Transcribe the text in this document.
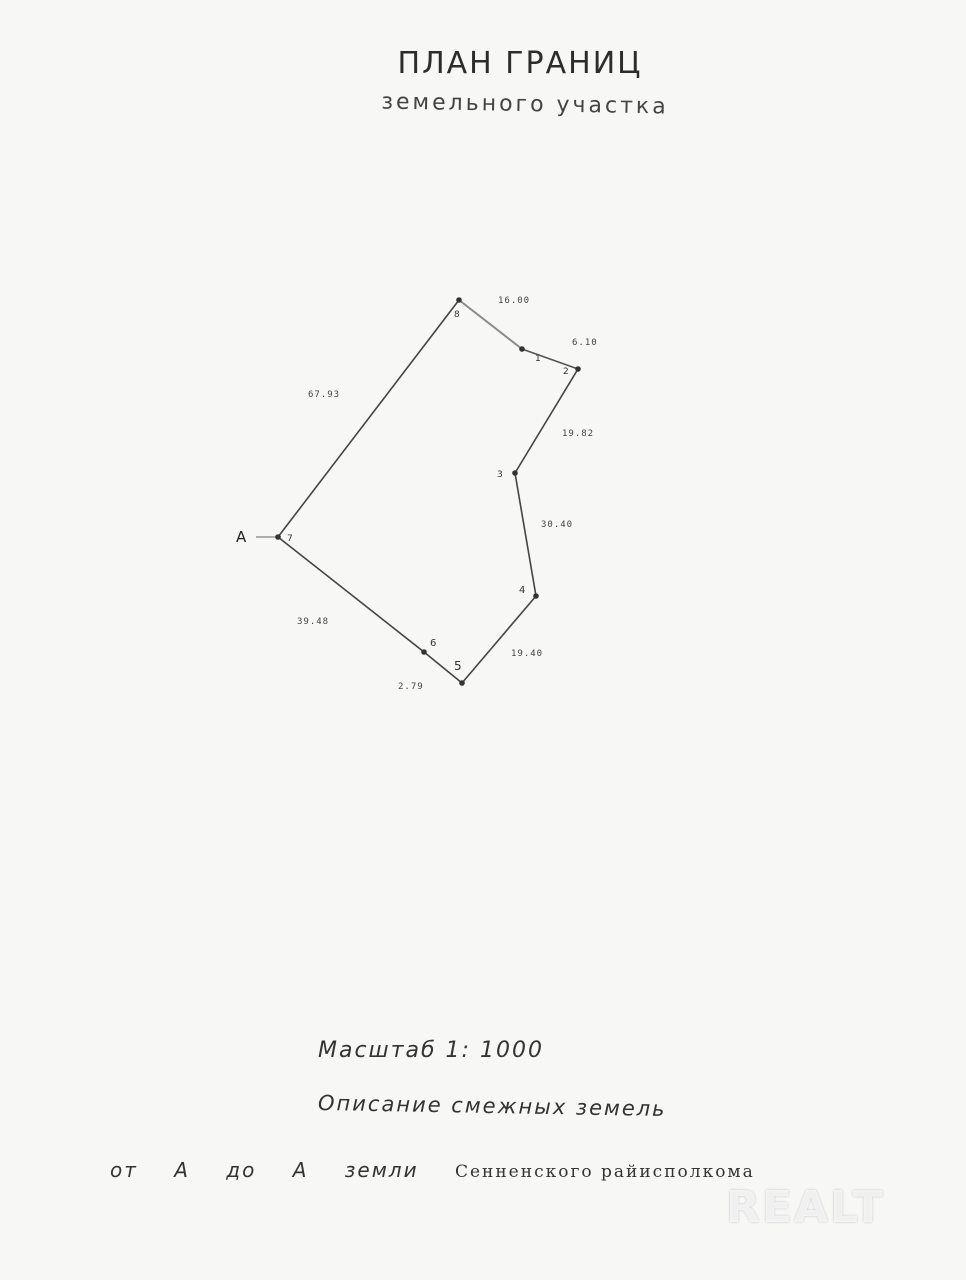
ПЛАН ГРАНИЦ
земельного участка
8
1
2
3
4
5
6
7
A
16.00
6.10
19.82
30.40
19.40
2.79
39.48
67.93
Масштаб 1: 1000
Описание смежных земель
от А до А земли Сенненского райисполкома
REALT
